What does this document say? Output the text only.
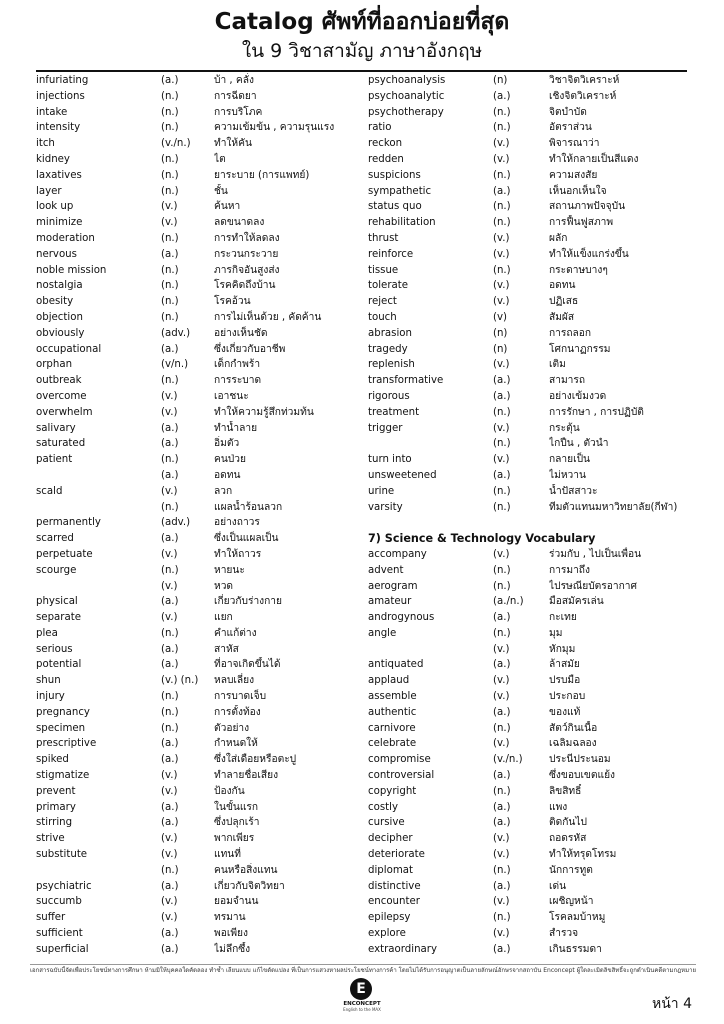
Catalog ศัพท์ที่ออกบ่อยที่สุด
ใน 9 วิชาสามัญ ภาษาอังกฤษ
infuriating	(a.)	บ้า , คลั่ง
injections	(n.)	การฉีดยา
intake	(n.)	การบริโภค
intensity	(n.)	ความเข้มข้น , ความรุนแรง
itch	(v./n.)	ทำให้คัน
kidney	(n.)	ไต
laxatives	(n.)	ยาระบาย (การแพทย์)
layer	(n.)	ชั้น
look up	(v.)	ค้นหา
minimize	(v.)	ลดขนาดลง
moderation	(n.)	การทำให้ลดลง
nervous	(a.)	กระวนกระวาย
noble mission	(n.)	ภารกิจอันสูงส่ง
nostalgia	(n.)	โรคคิดถึงบ้าน
obesity	(n.)	โรคอ้วน
objection	(n.)	การไม่เห็นด้วย , คัดค้าน
obviously	(adv.)	อย่างเห็นชัด
occupational	(a.)	ซึ่งเกี่ยวกับอาชีพ
orphan	(v/n.)	เด็กกำพร้า
outbreak	(n.)	การระบาด
overcome	(v.)	เอาชนะ
overwhelm	(v.)	ทำให้ความรู้สึกท่วมท้น
salivary	(a.)	ทำน้ำลาย
saturated	(a.)	อิ่มตัว
patient	(n.)	คนป่วย
(a.)	อดทน
scald	(v.)	ลวก
(n.)	แผลน้ำร้อนลวก
permanently	(adv.)	อย่างถาวร
scarred	(a.)	ซึ่งเป็นแผลเป็น
perpetuate	(v.)	ทำให้ถาวร
scourge	(n.)	หายนะ
(v.)	หวด
physical	(a.)	เกี่ยวกับร่างกาย
separate	(v.)	แยก
plea	(n.)	คำแก้ต่าง
serious	(a.)	สาหัส
potential	(a.)	ที่อาจเกิดขึ้นได้
shun	(v.) (n.)	หลบเลี่ยง
injury	(n.)	การบาดเจ็บ
pregnancy	(n.)	การตั้งท้อง
specimen	(n.)	ตัวอย่าง
prescriptive	(a.)	กำหนดให้
spiked	(a.)	ซึ่งใส่เดือยหรือตะปู
stigmatize	(v.)	ทำลายชื่อเสียง
prevent	(v.)	ป้องกัน
primary	(a.)	ในขั้นแรก
stirring	(a.)	ซึ่งปลุกเร้า
strive	(v.)	พากเพียร
substitute	(v.)	แทนที่
(n.)	คนหรือสิ่งแทน
psychiatric	(a.)	เกี่ยวกับจิตวิทยา
succumb	(v.)	ยอมจำนน
suffer	(v.)	ทรมาน
sufficient	(a.)	พอเพียง
superficial	(a.)	ไม่ลึกซึ้ง
psychoanalysis	(n)	วิชาจิตวิเคราะห์
psychoanalytic	(a.)	เชิงจิตวิเคราะห์
psychotherapy	(n.)	จิตบำบัด
ratio	(n.)	อัตราส่วน
reckon	(v.)	พิจารณาว่า
redden	(v.)	ทำให้กลายเป็นสีแดง
suspicions	(n.)	ความสงสัย
sympathetic	(a.)	เห็นอกเห็นใจ
status quo	(n.)	สถานภาพปัจจุบัน
rehabilitation	(n.)	การฟื้นฟูสภาพ
thrust	(v.)	ผลัก
reinforce	(v.)	ทำให้แข็งแกร่งขึ้น
tissue	(n.)	กระดาษบางๆ
tolerate	(v.)	อดทน
reject	(v.)	ปฏิเสธ
touch	(v)	สัมผัส
abrasion	(n)	การถลอก
tragedy	(n)	โศกนาฏกรรม
replenish	(v.)	เติม
transformative	(a.)	สามารถ
rigorous	(a.)	อย่างเข้มงวด
treatment	(n.)	การรักษา , การปฏิบัติ
trigger	(v.)	กระตุ้น
(n.)	ไกปืน , ตัวนำ
turn into	(v.)	กลายเป็น
unsweetened	(a.)	ไม่หวาน
urine	(n.)	น้ำปัสสาวะ
varsity	(n.)	ทีมตัวแทนมหาวิทยาลัย(กีฬา)
7) Science & Technology Vocabulary
accompany	(v.)	ร่วมกับ , ไปเป็นเพื่อน
advent	(n.)	การมาถึง
aerogram	(n.)	ไปรษณียบัตรอากาศ
amateur	(a./n.)	มือสมัครเล่น
androgynous	(a.)	กะเทย
angle	(n.)	มุม
(v.)	หักมุม
antiquated	(a.)	ล้าสมัย
applaud	(v.)	ปรบมือ
assemble	(v.)	ประกอบ
authentic	(a.)	ของแท้
carnivore	(n.)	สัตว์กินเนื้อ
celebrate	(v.)	เฉลิมฉลอง
compromise	(v./n.)	ประนีประนอม
controversial	(a.)	ซึ่งขอบเขตแย้ง
copyright	(n.)	ลิขสิทธิ์
costly	(a.)	แพง
cursive	(a.)	ติดกันไป
decipher	(v.)	ถอดรหัส
deteriorate	(v.)	ทำให้ทรุดโทรม
diplomat	(n.)	นักการทูต
distinctive	(a.)	เด่น
encounter	(v.)	เผชิญหน้า
epilepsy	(n.)	โรคลมบ้าหมู
explore	(v.)	สำรวจ
extraordinary	(a.)	เกินธรรมดา
เอกสารฉบับนี้จัดเพื่อประโยชน์ทางการศึกษา ห้ามมิให้บุคคลใดคัดลอง ทำซ้ำ เลียนแบบ แก้ไขดัดแปลง ที่เป็นการแสวงหาผลประโยชน์ทางการค้า โดยไม่ได้รับการอนุญาตเป็นลายลักษณ์อักษรจากสถาบัน Enconcept ผู้ใดละเมิดลิขสิทธิ์จะถูกดำเนินคดีตามกฎหมาย
E
ENCONCEPT
English to the MAX	หน้า 4
